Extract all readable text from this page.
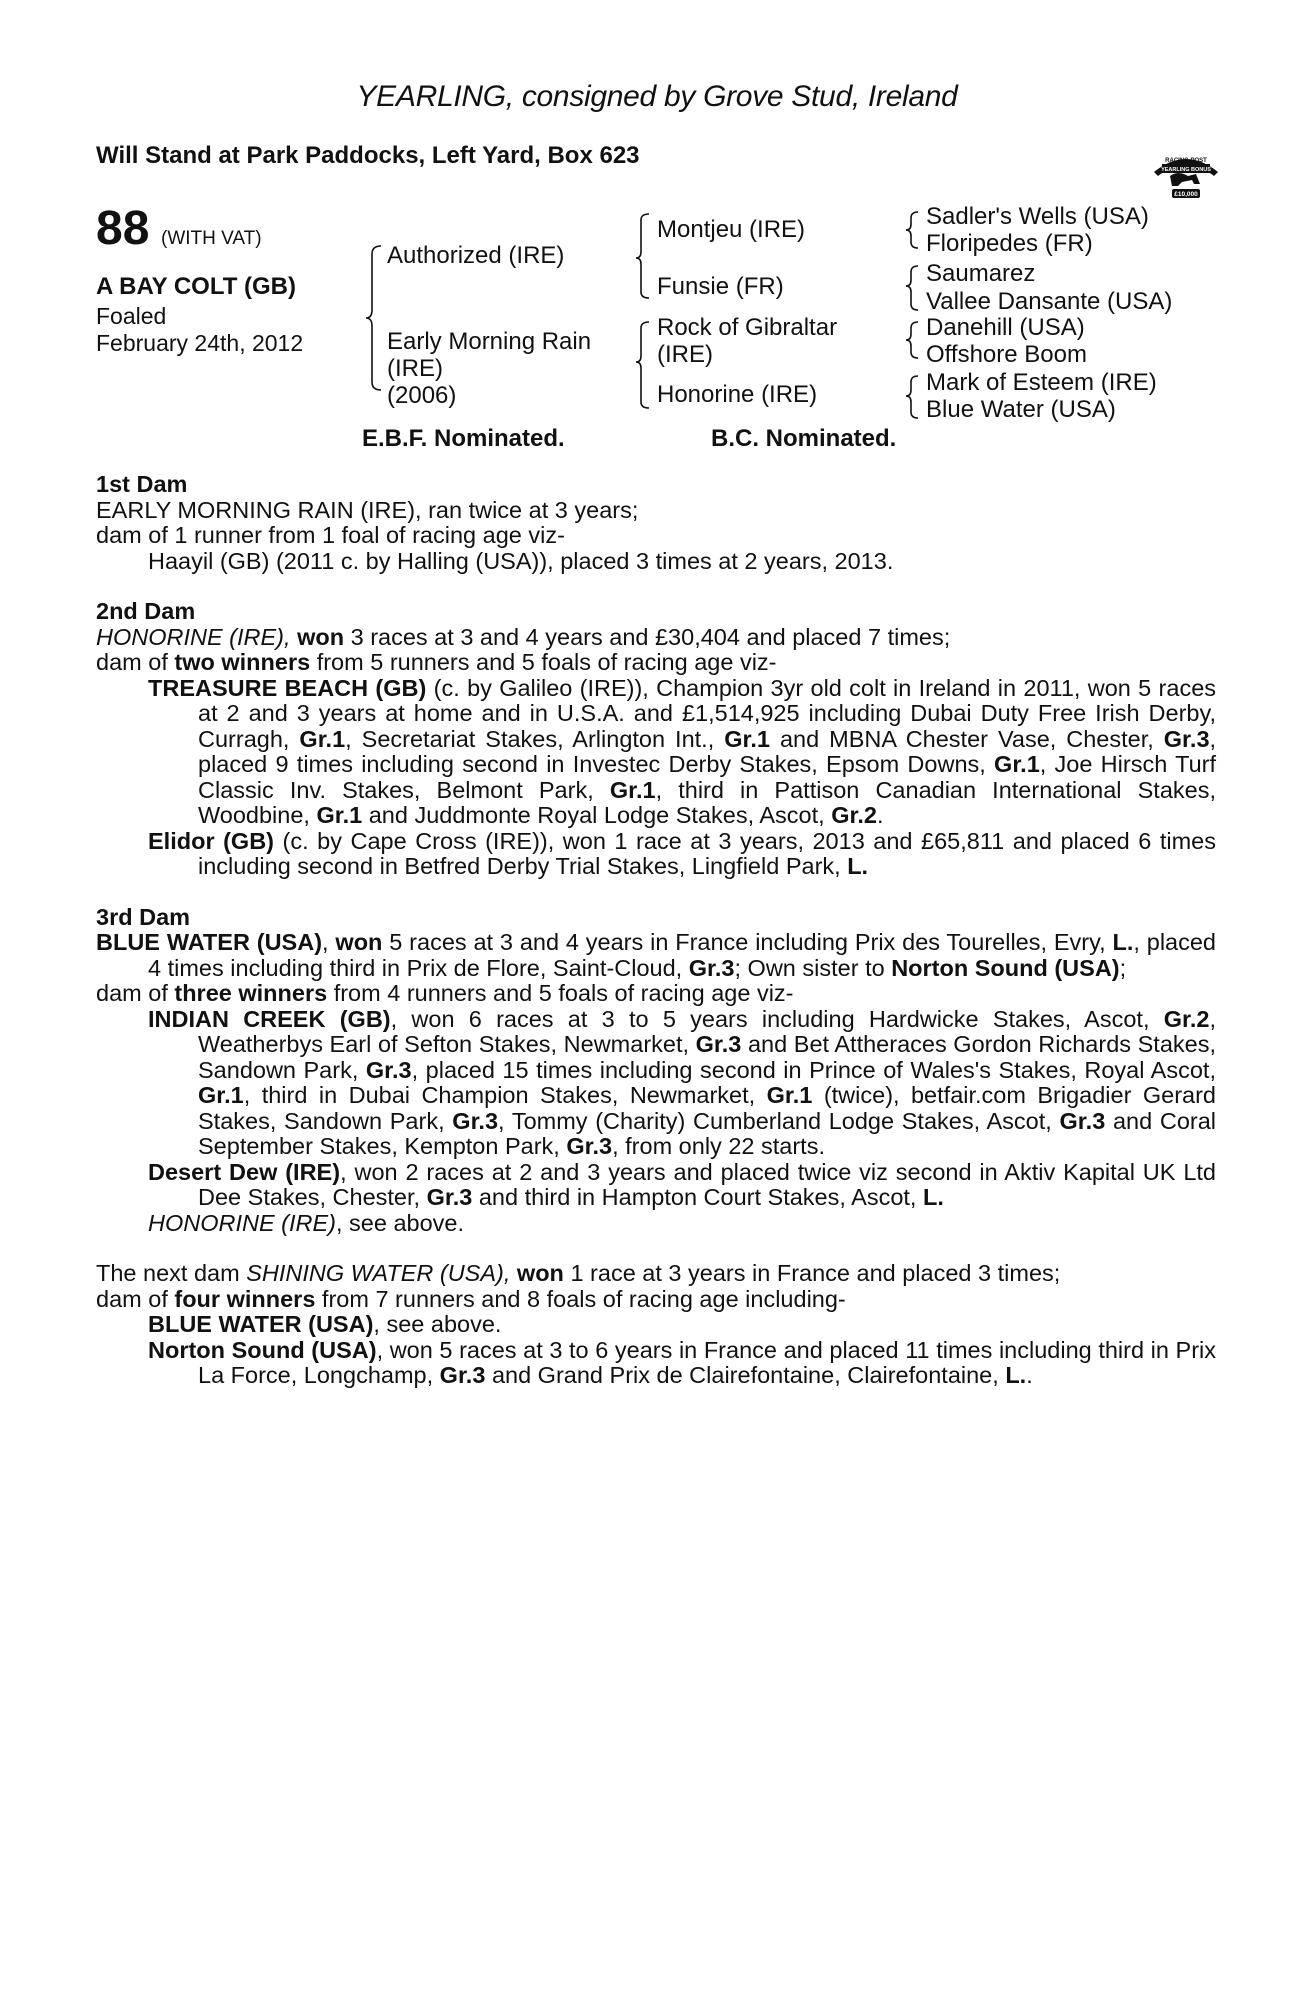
YEARLING, consigned by Grove Stud, Ireland
Will Stand at Park Paddocks, Left Yard, Box 623	RACING POST
YEARLING BONUS
£10,000
88 (WITH VAT)
A BAY COLT (GB)
Foaled
February 24th, 2012
Authorized (IRE)
Early Morning Rain
(IRE)
(2006)
Montjeu (IRE)
Funsie (FR)
Rock of Gibraltar
(IRE)
Honorine (IRE)
Sadler's Wells (USA)
Floripedes (FR)
Saumarez
Vallee Dansante (USA)
Danehill (USA)
Offshore Boom
Mark of Esteem (IRE)
Blue Water (USA)
E.B.F. Nominated.	B.C. Nominated.

1st Dam

EARLY MORNING RAIN (IRE), ran twice at 3 years;

dam of 1 runner from 1 foal of racing age viz-

Haayil (GB) (2011 c. by Halling (USA)), placed 3 times at 2 years, 2013.

2nd Dam

HONORINE (IRE), won 3 races at 3 and 4 years and £30,404 and placed 7 times;

dam of two winners from 5 runners and 5 foals of racing age viz-

TREASURE BEACH (GB) (c. by Galileo (IRE)), Champion 3yr old colt in Ireland in 2011, won 5 races at 2 and 3 years at home and in U.S.A. and £1,514,925 including Dubai Duty Free Irish Derby, Curragh, Gr.1, Secretariat Stakes, Arlington Int., Gr.1 and MBNA Chester Vase, Chester, Gr.3, placed 9 times including second in Investec Derby Stakes, Epsom Downs, Gr.1, Joe Hirsch Turf Classic Inv. Stakes, Belmont Park, Gr.1, third in Pattison Canadian International Stakes, Woodbine, Gr.1 and Juddmonte Royal Lodge Stakes, Ascot, Gr.2.

Elidor (GB) (c. by Cape Cross (IRE)), won 1 race at 3 years, 2013 and £65,811 and placed 6 times including second in Betfred Derby Trial Stakes, Lingfield Park, L.

3rd Dam

BLUE WATER (USA), won 5 races at 3 and 4 years in France including Prix des Tourelles, Evry, L., placed 4 times including third in Prix de Flore, Saint-Cloud, Gr.3; Own sister to Norton Sound (USA);

dam of three winners from 4 runners and 5 foals of racing age viz-

INDIAN CREEK (GB), won 6 races at 3 to 5 years including Hardwicke Stakes, Ascot, Gr.2, Weatherbys Earl of Sefton Stakes, Newmarket, Gr.3 and Bet Attheraces Gordon Richards Stakes, Sandown Park, Gr.3, placed 15 times including second in Prince of Wales's Stakes, Royal Ascot, Gr.1, third in Dubai Champion Stakes, Newmarket, Gr.1 (twice), betfair.com Brigadier Gerard Stakes, Sandown Park, Gr.3, Tommy (Charity) Cumberland Lodge Stakes, Ascot, Gr.3 and Coral September Stakes, Kempton Park, Gr.3, from only 22 starts.

Desert Dew (IRE), won 2 races at 2 and 3 years and placed twice viz second in Aktiv Kapital UK Ltd Dee Stakes, Chester, Gr.3 and third in Hampton Court Stakes, Ascot, L.

HONORINE (IRE), see above.

The next dam SHINING WATER (USA), won 1 race at 3 years in France and placed 3 times;

dam of four winners from 7 runners and 8 foals of racing age including-

BLUE WATER (USA), see above.

Norton Sound (USA), won 5 races at 3 to 6 years in France and placed 11 times including third in Prix La Force, Longchamp, Gr.3 and Grand Prix de Clairefontaine, Clairefontaine, L..
